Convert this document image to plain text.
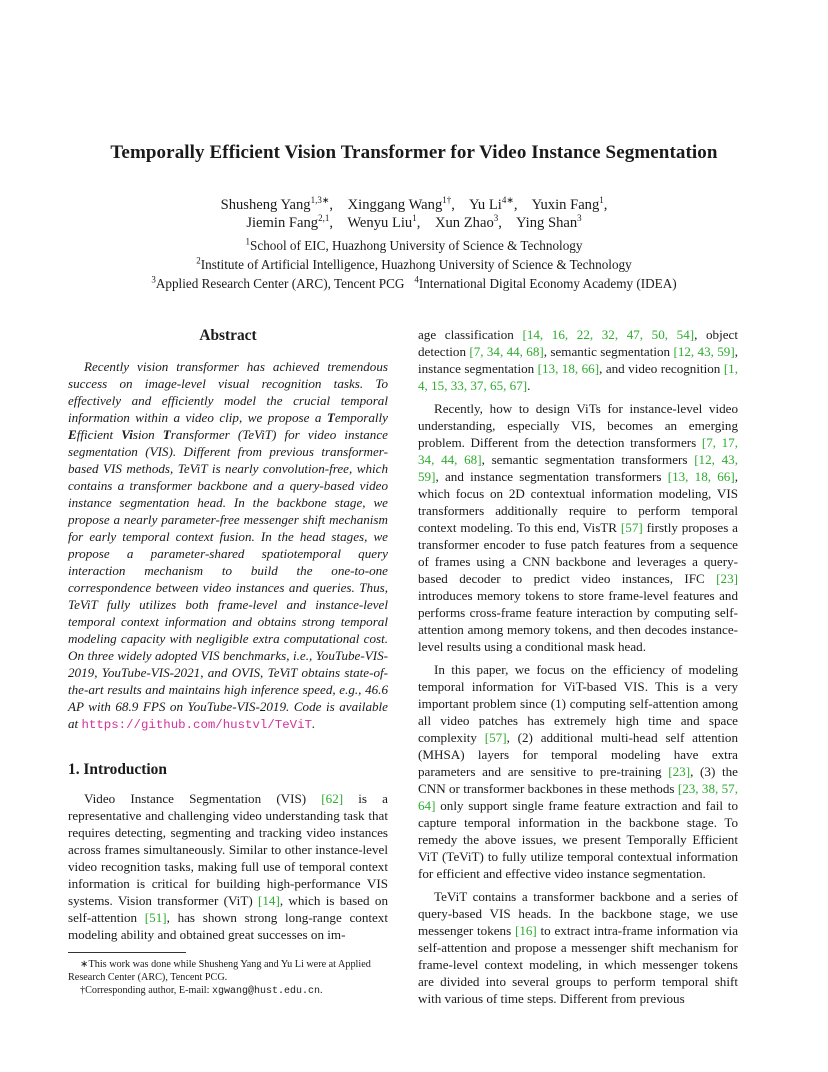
Temporally Efficient Vision Transformer for Video Instance Segmentation
Shusheng Yang$^{1,3∗}$,    Xinggang Wang$^{1\dagger}$,    Yu $Li^{4∗}$,    Yuxin Fang$^1$,
Jiemin Fang$^{2,1}$,    Wenyu Liu$^1$,    Xun Zhao$^3$,    Ying Shan$^3$
$^1$School of EIC, Huazhong University of Science & Technology
$^2$Institute of Artificial Intelligence, Huazhong University of Science & Technology
$^3$Applied Research Center (ARC), Tencent PCG $^4$International Digital Economy Academy (IDEA)
Abstract

Recently vision transformer has achieved tremendous success on image-level visual recognition tasks. To effectively and efficiently model the crucial temporal information within a video clip, we propose a Temporally Efficient Vision Transformer (TeViT) for video instance segmentation (VIS). Different from previous transformer-based VIS methods, TeViT is nearly convolution-free, which contains a transformer backbone and a query-based video instance segmentation head. In the backbone stage, we propose a nearly parameter-free messenger shift mechanism for early temporal context fusion. In the head stages, we propose a parameter-shared spatiotemporal query interaction mechanism to build the one-to-one correspondence between video instances and queries. Thus, TeViT fully utilizes both frame-level and instance-level temporal context information and obtains strong temporal modeling capacity with negligible extra computational cost. On three widely adopted VIS benchmarks, i.e., YouTube-VIS-2019, YouTube-VIS-2021, and OVIS, TeViT obtains state-of-the-art results and maintains high inference speed, e.g., 46.6 AP with 68.9 FPS on YouTube-VIS-2019. Code is available at https://github.com/hustvl/TeViT.

1. Introduction

Video Instance Segmentation (VIS) [62] is a representative and challenging video understanding task that requires detecting, segmenting and tracking video instances across frames simultaneously. Similar to other instance-level video recognition tasks, making full use of temporal context information is critical for building high-performance VIS systems. Vision transformer (ViT) [14], which is based on self-attention [51], has shown strong long-range context modeling ability and obtained great successes on im-

∗This work was done while Shusheng Yang and Yu Li were at Applied Research Center (ARC), Tencent PCG.

†Corresponding author, E-mail: xgwang@hust.edu.cn.

age classification [14, 16, 22, 32, 47, 50, 54], object detection [7, 34, 44, 68], semantic segmentation [12, 43, 59], instance segmentation [13, 18, 66], and video recognition [1, 4, 15, 33, 37, 65, 67].

Recently, how to design ViTs for instance-level video understanding, especially VIS, becomes an emerging problem. Different from the detection transformers [7, 17, 34, 44, 68], semantic segmentation transformers [12, 43, 59], and instance segmentation transformers [13, 18, 66], which focus on 2D contextual information modeling, VIS transformers additionally require to perform temporal context modeling. To this end, VisTR [57] firstly proposes a transformer encoder to fuse patch features from a sequence of frames using a CNN backbone and leverages a query-based decoder to predict video instances, IFC [23] introduces memory tokens to store frame-level features and performs cross-frame feature interaction by computing self-attention among memory tokens, and then decodes instance-level results using a conditional mask head.

In this paper, we focus on the efficiency of modeling temporal information for ViT-based VIS. This is a very important problem since (1) computing self-attention among all video patches has extremely high time and space complexity [57], (2) additional multi-head self attention (MHSA) layers for temporal modeling have extra parameters and are sensitive to pre-training [23], (3) the CNN or transformer backbones in these methods [23, 38, 57, 64] only support single frame feature extraction and fail to capture temporal information in the backbone stage. To remedy the above issues, we present Temporally Efficient ViT (TeViT) to fully utilize temporal contextual information for efficient and effective video instance segmentation.

TeViT contains a transformer backbone and a series of query-based VIS heads. In the backbone stage, we use messenger tokens [16] to extract intra-frame information via self-attention and propose a messenger shift mechanism for frame-level context modeling, in which messenger tokens are divided into several groups to perform temporal shift with various of time steps. Different from previous
